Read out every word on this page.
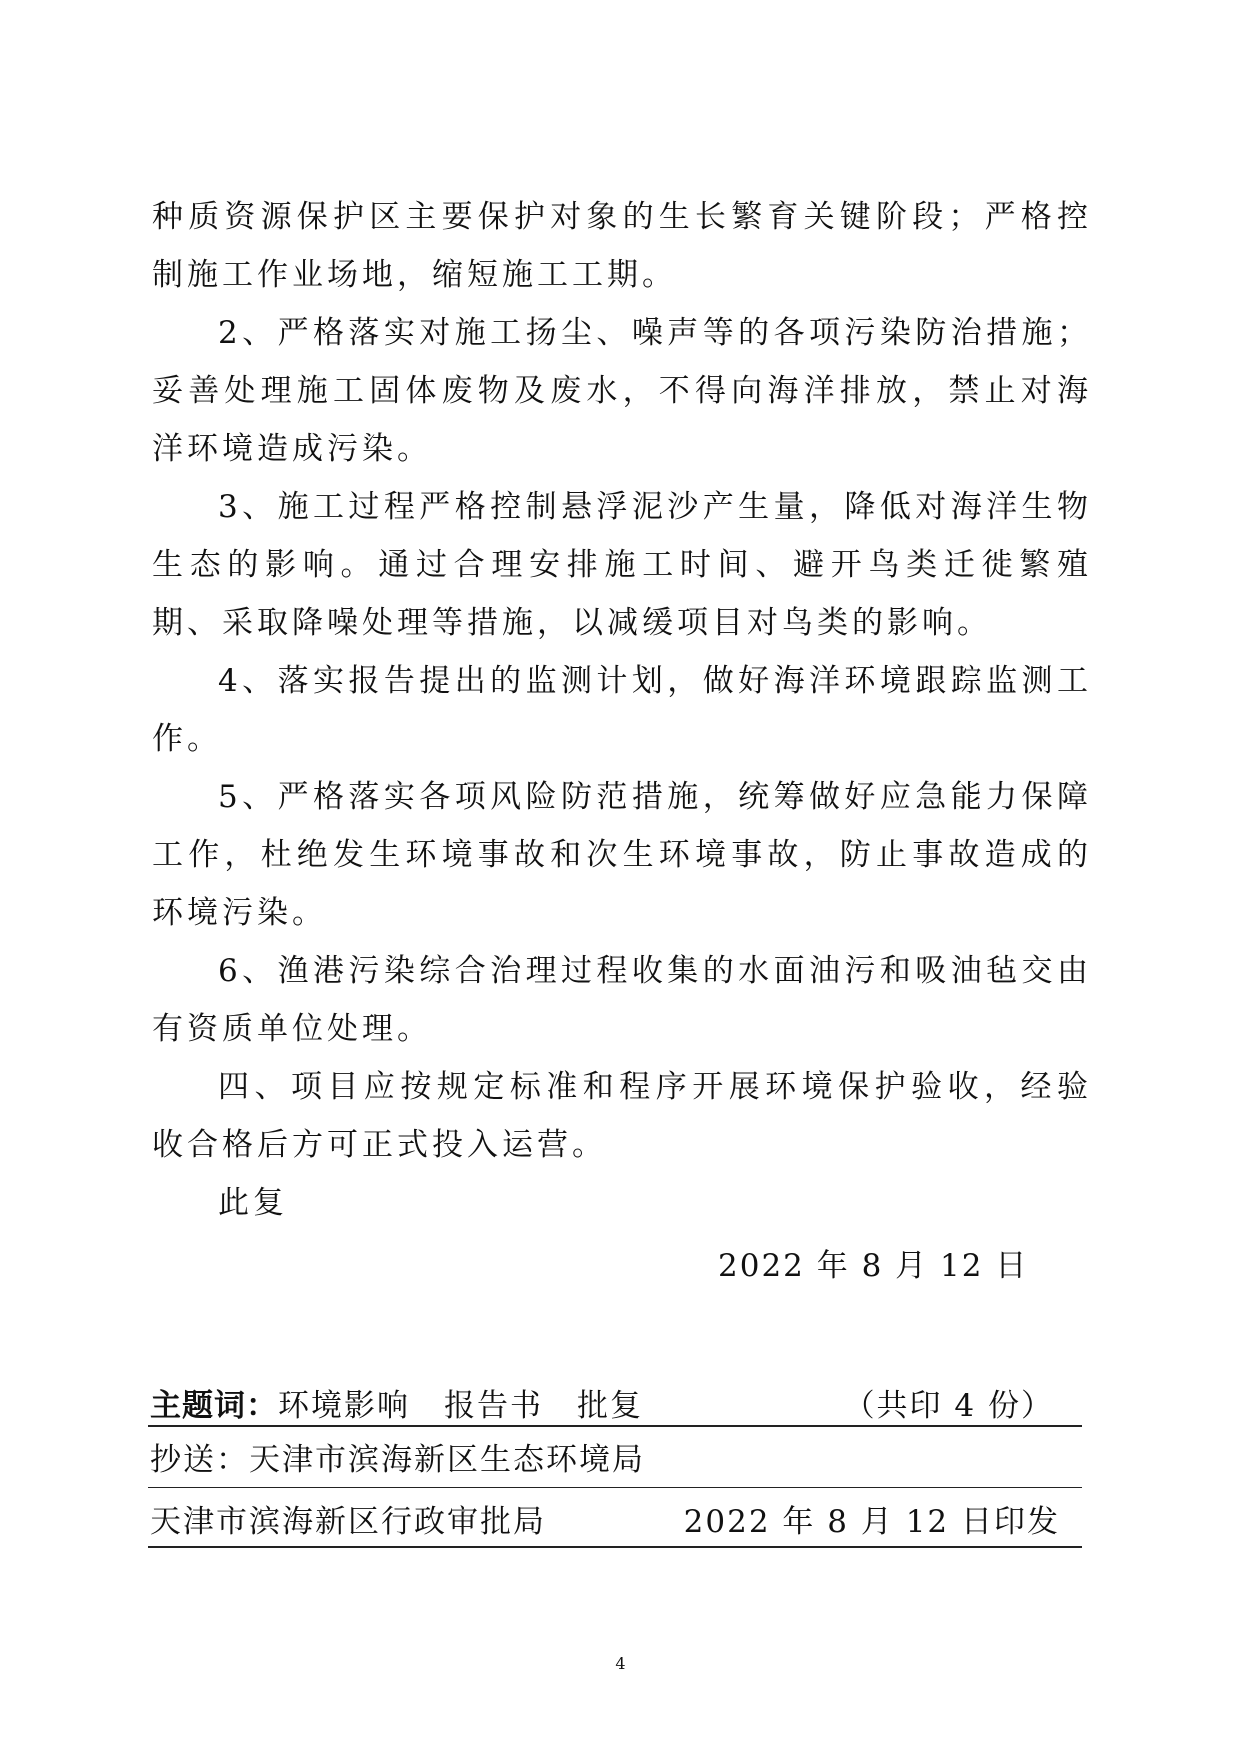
种质资源保护区主要保护对象的生长繁育关键阶段；严格控制施工作业场地，缩短施工工期。

2、严格落实对施工扬尘、噪声等的各项污染防治措施；妥善处理施工固体废物及废水，不得向海洋排放，禁止对海洋环境造成污染。

3、施工过程严格控制悬浮泥沙产生量，降低对海洋生物生态的影响。通过合理安排施工时间、避开鸟类迁徙繁殖期、采取降噪处理等措施，以减缓项目对鸟类的影响。

4、落实报告提出的监测计划，做好海洋环境跟踪监测工作。

5、严格落实各项风险防范措施，统筹做好应急能力保障工作，杜绝发生环境事故和次生环境事故，防止事故造成的环境污染。

6、渔港污染综合治理过程收集的水面油污和吸油毡交由有资质单位处理。

四、项目应按规定标准和程序开展环境保护验收，经验收合格后方可正式投入运营。

此复

2022 年 8 月 12 日
主题词：环境影响 报告书 批复	（共印 4 份）
抄送：天津市滨海新区生态环境局
天津市滨海新区行政审批局	2022 年 8 月 12 日印发
4
